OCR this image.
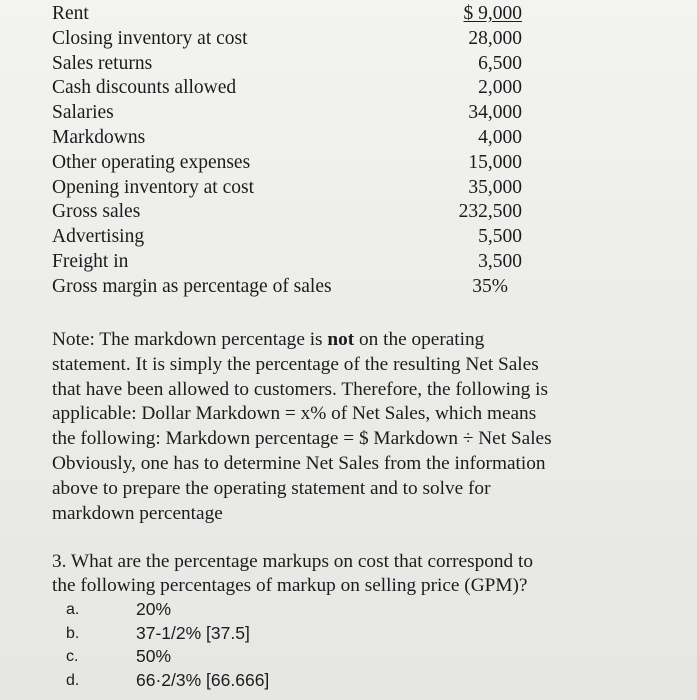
Rent	$ 9,000
Closing inventory at cost	28,000
Sales returns	6,500
Cash discounts allowed	2,000
Salaries	34,000
Markdowns	4,000
Other operating expenses	15,000
Opening inventory at cost	35,000
Gross sales	232,500
Advertising	5,500
Freight in	3,500
Gross margin as percentage of sales	35%
Note: The markdown percentage is not on the operating
statement. It is simply the percentage of the resulting Net Sales
that have been allowed to customers. Therefore, the following is
applicable: Dollar Markdown = x% of Net Sales, which means
the following: Markdown percentage = $ Markdown ÷ Net Sales
Obviously, one has to determine Net Sales from the information
above to prepare the operating statement and to solve for
markdown percentage
3. What are the percentage markups on cost that correspond to
the following percentages of markup on selling price (GPM)?
a.	20%
b.	37-1/2% [37.5]
c.	50%
d.	66·2/3% [66.666]
